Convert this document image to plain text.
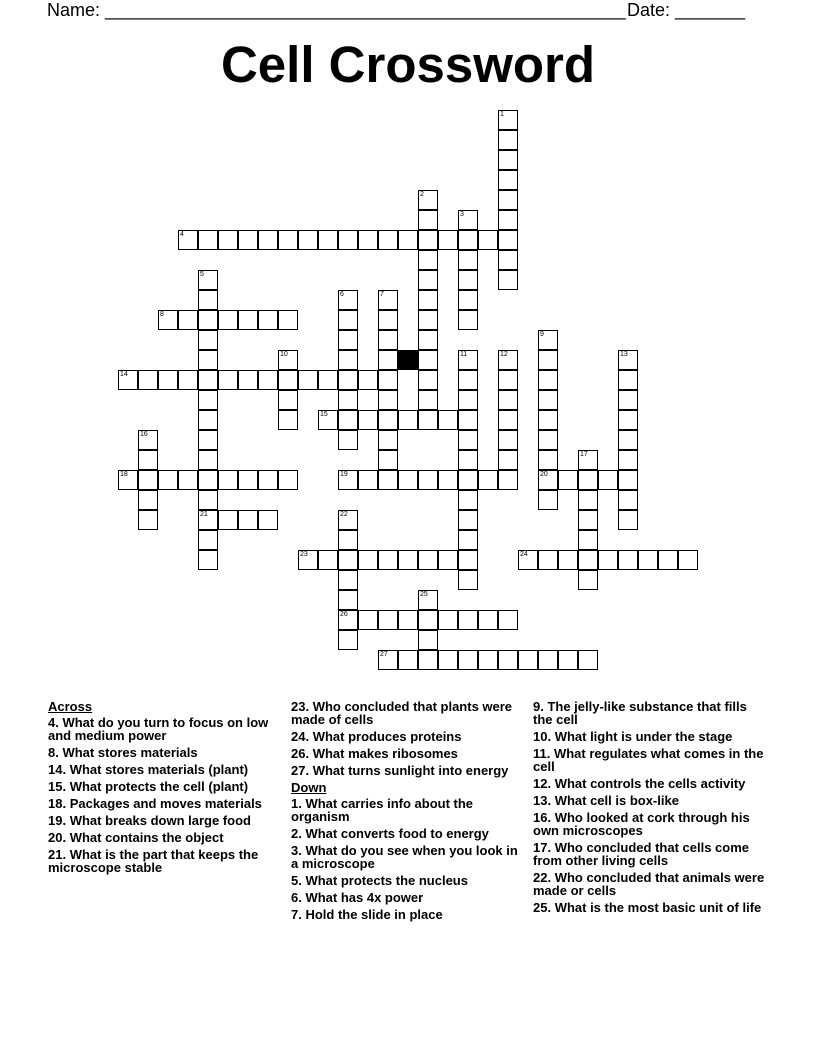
Name: ____________________________________________________ Date: _______
Cell Crossword
1
2
3
4
5
21
6	7
8
9
20
10	11	12	13
14
15
16
17
18	19
22
26
23	24
25
27
Across
4. What do you turn to focus on low and medium power
8. What stores materials
14. What stores materials (plant)
15. What protects the cell (plant)
18. Packages and moves materials
19. What breaks down large food
20. What contains the object
21. What is the part that keeps the microscope stable
23. Who concluded that plants were made of cells
24. What produces proteins
26. What makes ribosomes
27. What turns sunlight into energy
Down
1. What carries info about the organism
2. What converts food to energy
3. What do you see when you look in a microscope
5. What protects the nucleus
6. What has 4x power
7. Hold the slide in place
9. The jelly-like substance that fills the cell
10. What light is under the stage
11. What regulates what comes in the cell
12. What controls the cells activity
13. What cell is box-like
16. Who looked at cork through his own microscopes
17. Who concluded that cells come from other living cells
22. Who concluded that animals were made or cells
25. What is the most basic unit of life
